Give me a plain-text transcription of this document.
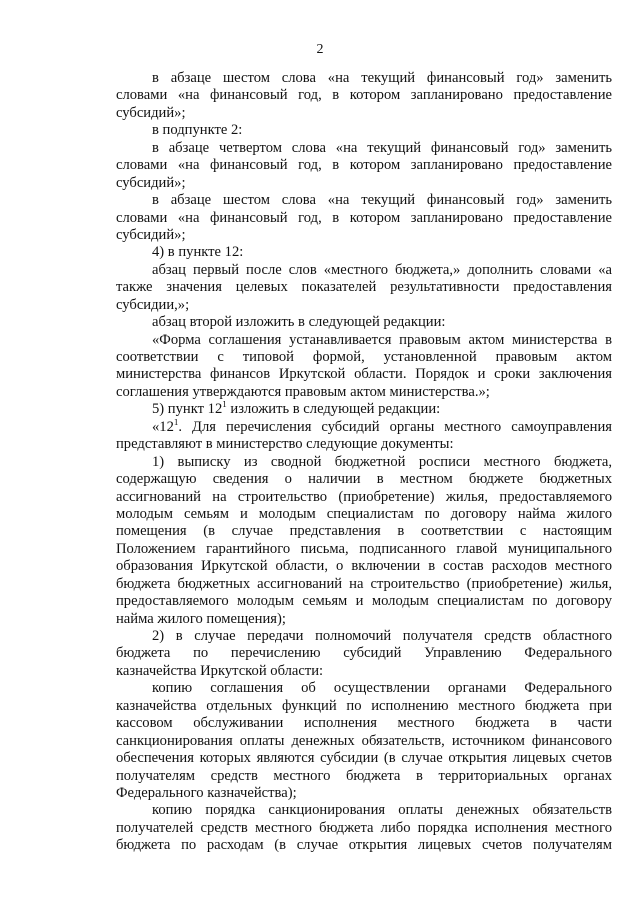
2
в абзаце шестом слова «на текущий финансовый год» заменить
словами «на финансовый год, в котором запланировано предоставление
субсидий»;
в подпункте 2:
в абзаце четвертом слова «на текущий финансовый год» заменить
словами «на финансовый год, в котором запланировано предоставление
субсидий»;
в абзаце шестом слова «на текущий финансовый год» заменить
словами «на финансовый год, в котором запланировано предоставление
субсидий»;
4) в пункте 12:
абзац первый после слов «местного бюджета,» дополнить словами «а
также значения целевых показателей результативности предоставления
субсидии,»;
абзац второй изложить в следующей редакции:
«Форма соглашения устанавливается правовым актом министерства в
соответствии с типовой формой, установленной правовым актом
министерства финансов Иркутской области. Порядок и сроки заключения
соглашения утверждаются правовым актом министерства.»;
5) пункт $12^1$ изложить в следующей редакции:
«$12^1$. Для перечисления субсидий органы местного самоуправления
представляют в министерство следующие документы:
1) выписку из сводной бюджетной росписи местного бюджета,
содержащую сведения о наличии в местном бюджете бюджетных
ассигнований на строительство (приобретение) жилья, предоставляемого
молодым семьям и молодым специалистам по договору найма жилого
помещения (в случае представления в соответствии с настоящим
Положением гарантийного письма, подписанного главой муниципального
образования Иркутской области, о включении в состав расходов местного
бюджета бюджетных ассигнований на строительство (приобретение) жилья,
предоставляемого молодым семьям и молодым специалистам по договору
найма жилого помещения);
2) в случае передачи полномочий получателя средств областного
бюджета по перечислению субсидий Управлению Федерального
казначейства Иркутской области:
копию соглашения об осуществлении органами Федерального
казначейства отдельных функций по исполнению местного бюджета при
кассовом обслуживании исполнения местного бюджета в части
санкционирования оплаты денежных обязательств, источником финансового
обеспечения которых являются субсидии (в случае открытия лицевых счетов
получателям средств местного бюджета в территориальных органах
Федерального казначейства);
копию порядка санкционирования оплаты денежных обязательств
получателей средств местного бюджета либо порядка исполнения местного
бюджета по расходам (в случае открытия лицевых счетов получателям
